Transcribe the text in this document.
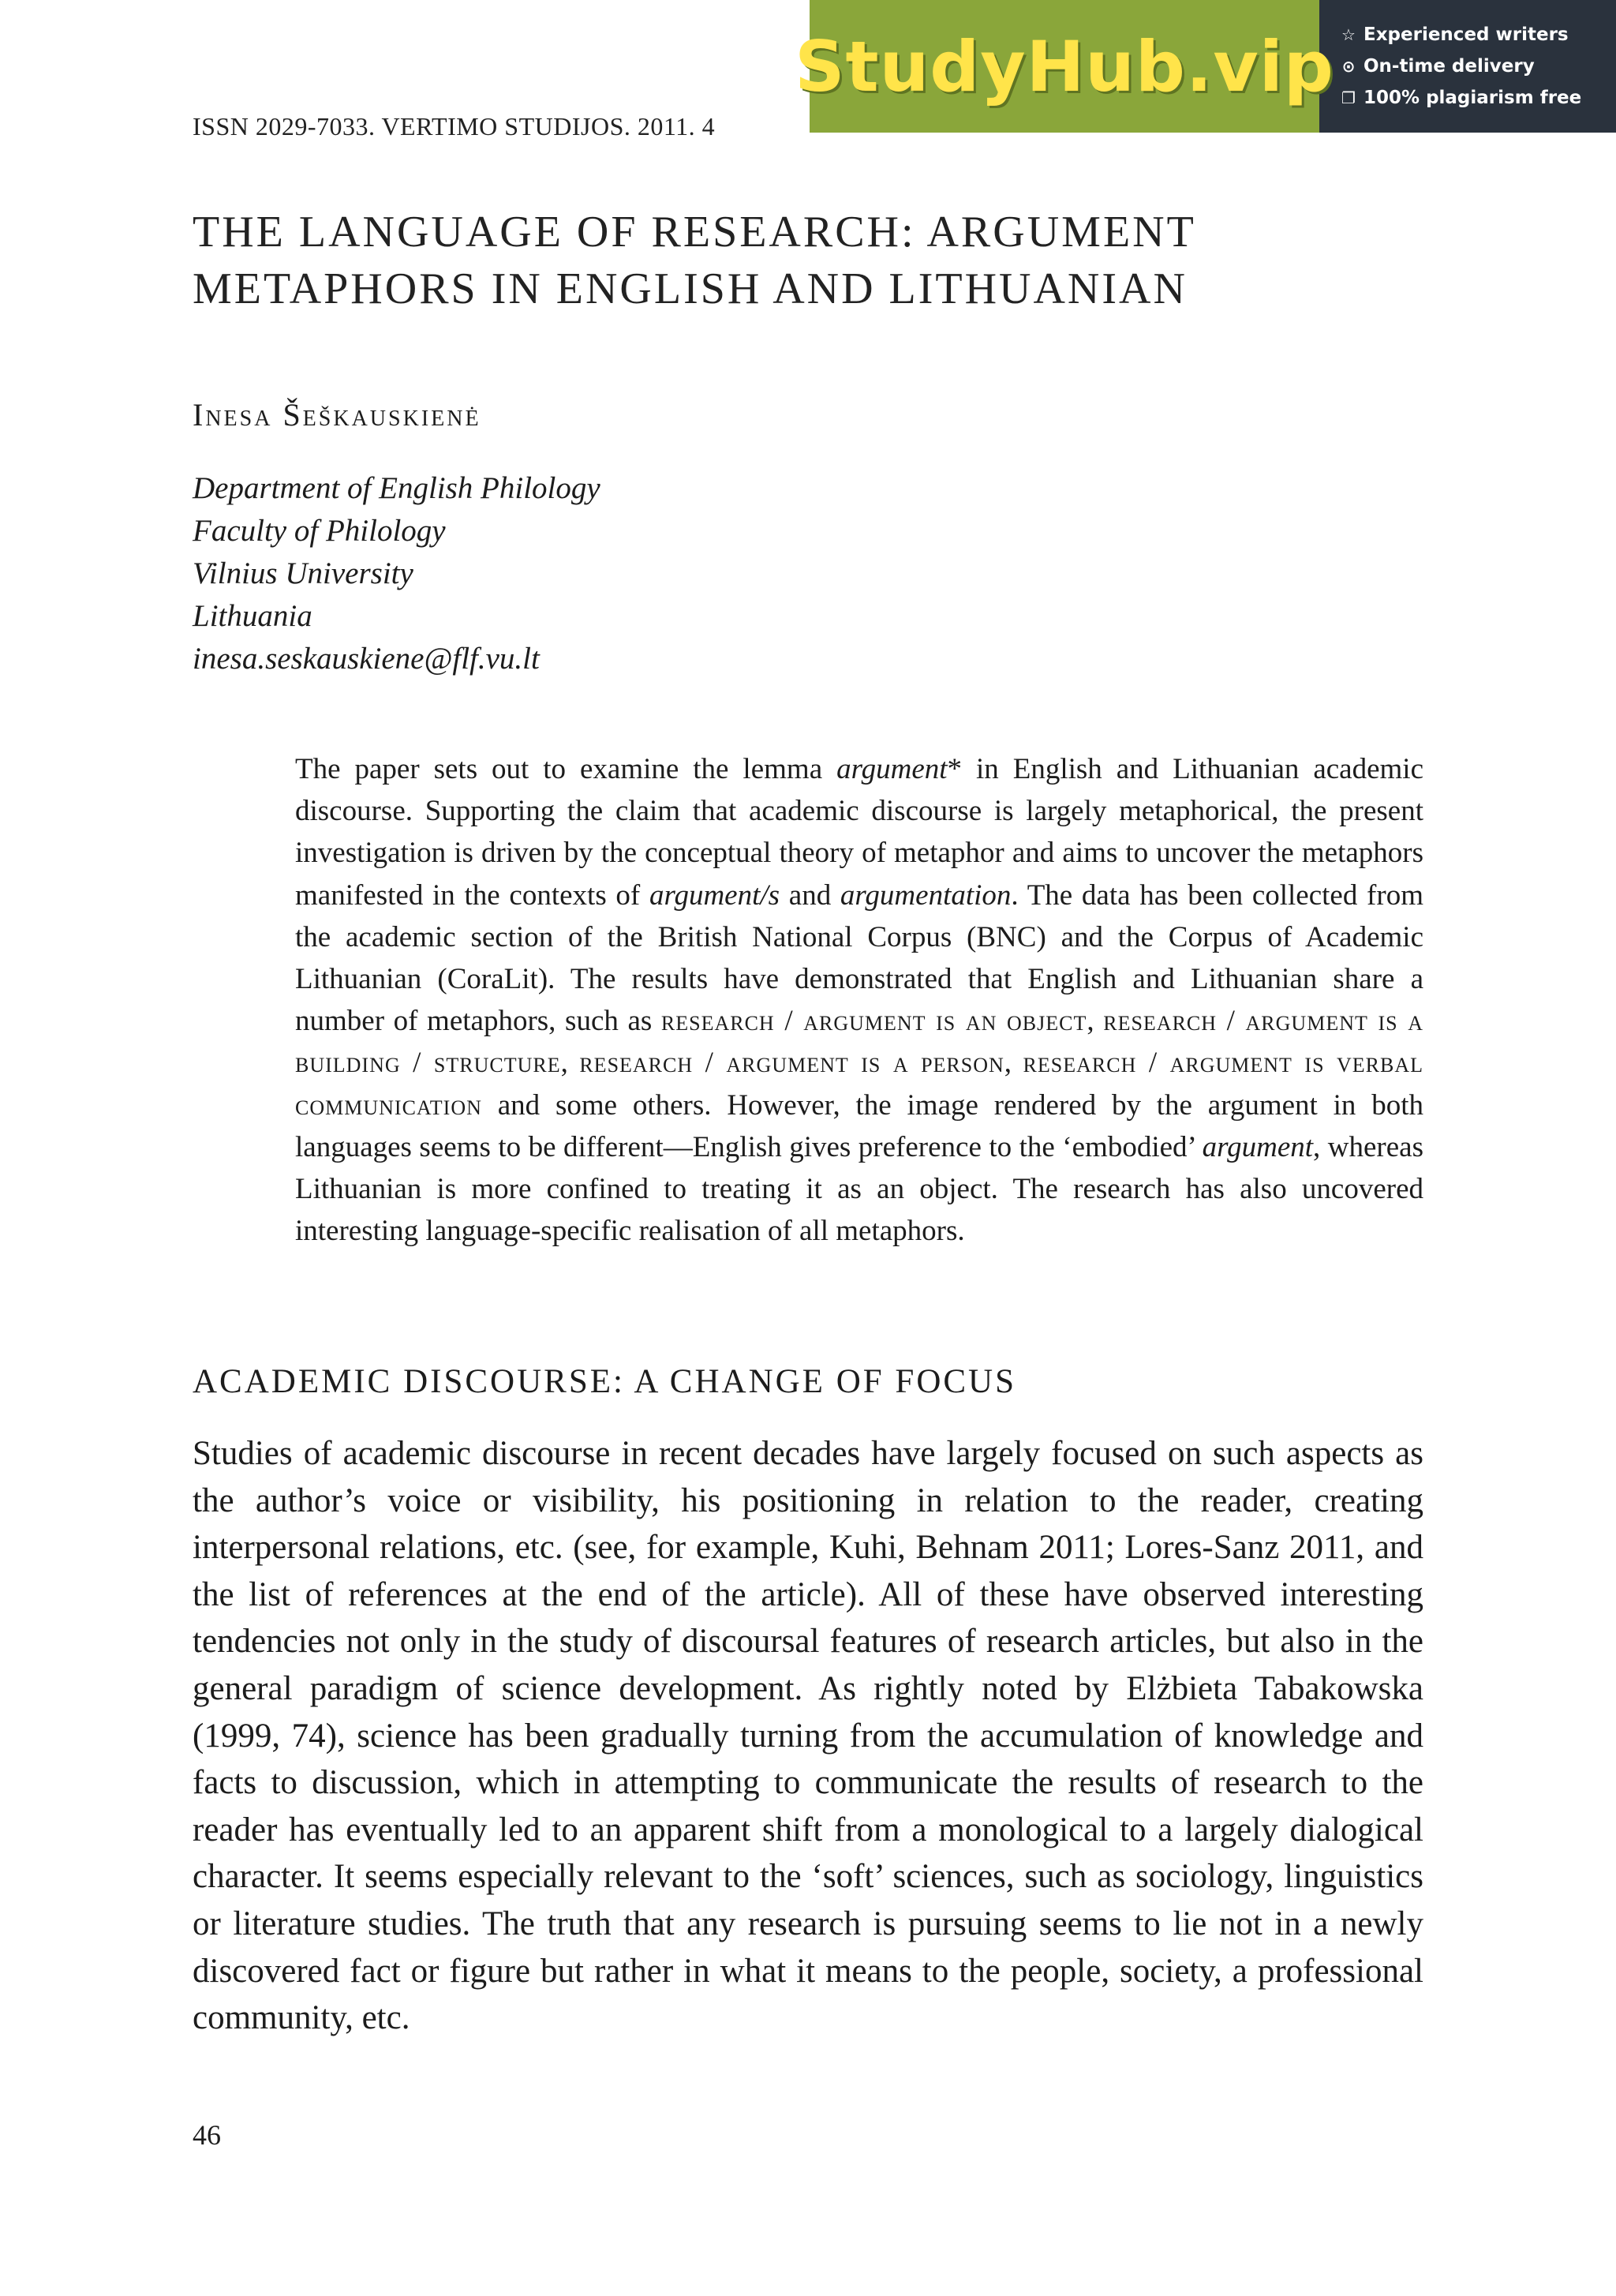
StudyHub.vip ☆ Experienced writers
⊙ On-time delivery
❐ 100% plagiarism free
ISSN 2029-7033. VERTIMO STUDIJOS. 2011. 4
THE LANGUAGE OF RESEARCH: ARGUMENT
METAPHORS IN ENGLISH AND LITHUANIAN
Inesa Šeškauskienė
Department of English Philology
Faculty of Philology
Vilnius University
Lithuania
inesa.seskauskiene@flf.vu.lt

The paper sets out to examine the lemma argument* in English and Lithuanian academic discourse. Supporting the claim that academic discourse is largely metaphorical, the present investigation is driven by the conceptual theory of metaphor and aims to uncover the metaphors manifested in the contexts of argument/s and argumentation. The data has been collected from the academic section of the British National Corpus (BNC) and the Corpus of Academic Lithuanian (CoraLit). The results have demonstrated that English and Lithuanian share a number of metaphors, such as research / argument is an object, research / argument is a building / structure, research / argument is a person, research / argument is verbal communication and some others. However, the image rendered by the argument in both languages seems to be different—English gives preference to the ‘embodied’ argument, whereas Lithuanian is more confined to treating it as an object. The research has also uncovered interesting language-specific realisation of all metaphors.

ACADEMIC DISCOURSE: A CHANGE OF FOCUS

Studies of academic discourse in recent decades have largely focused on such aspects as the author’s voice or visibility, his positioning in relation to the reader, creating interpersonal relations, etc. (see, for example, Kuhi, Behnam 2011; Lores-Sanz 2011, and the list of references at the end of the article). All of these have observed interesting tendencies not only in the study of discoursal features of research articles, but also in the general paradigm of science development. As rightly noted by Elżbieta Tabakowska (1999, 74), science has been gradually turning from the accumulation of knowledge and facts to discussion, which in attempting to communicate the results of research to the reader has eventually led to an apparent shift from a monological to a largely dialogical character. It seems especially relevant to the ‘soft’ sciences, such as sociology, linguistics or literature studies. The truth that any research is pursuing seems to lie not in a newly discovered fact or figure but rather in what it means to the people, society, a professional community, etc.

46
